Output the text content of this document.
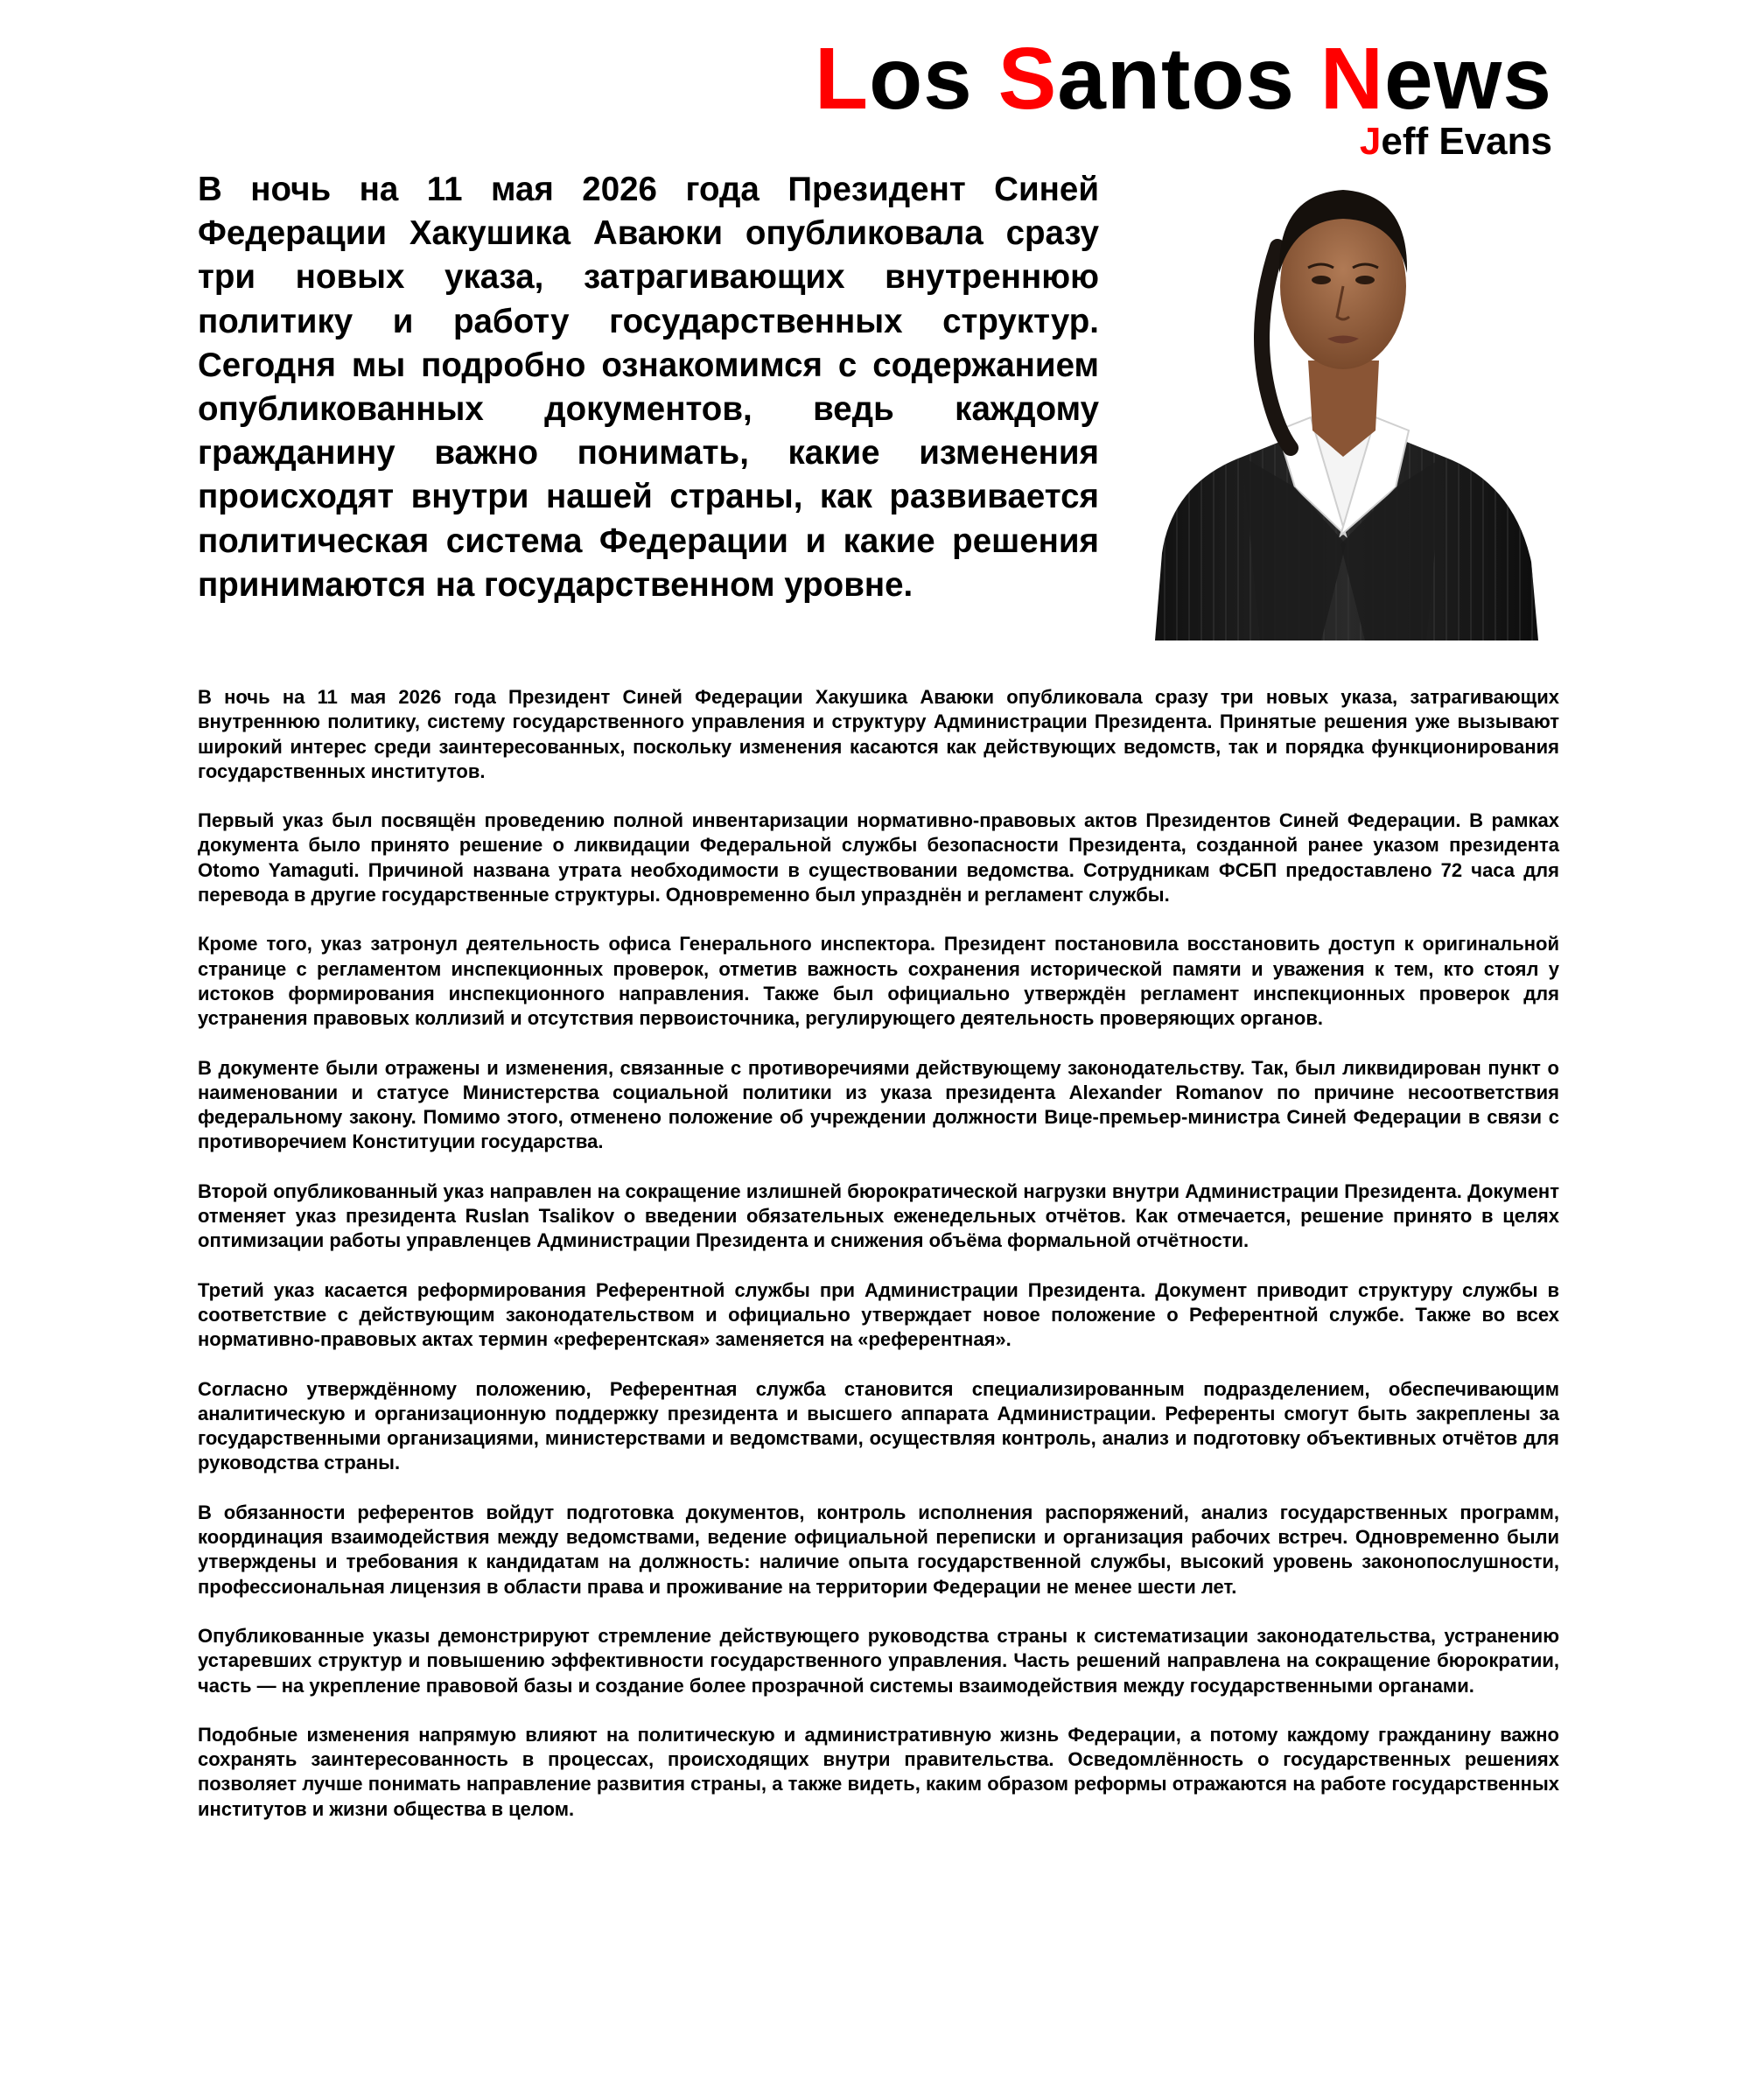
Los Santos News
Jeff Evans

В ночь на 11 мая 2026 года Президент Синей Федерации Хакушика Аваюки опубликовала сразу три новых указа, затрагивающих внутреннюю политику и работу государственных структур. Сегодня мы подробно ознакомимся с содержанием опубликованных документов, ведь каждому гражданину важно понимать, какие изменения происходят внутри нашей страны, как развивается политическая система Федерации и какие решения принимаются на государственном уровне.

В ночь на 11 мая 2026 года Президент Синей Федерации Хакушика Аваюки опубликовала сразу три новых указа, затрагивающих внутреннюю политику, систему государственного управления и структуру Администрации Президента. Принятые решения уже вызывают широкий интерес среди заинтересованных, поскольку изменения касаются как действующих ведомств, так и порядка функционирования государственных институтов.

Первый указ был посвящён проведению полной инвентаризации нормативно-правовых актов Президентов Синей Федерации. В рамках документа было принято решение о ликвидации Федеральной службы безопасности Президента, созданной ранее указом президента Otomo Yamaguti. Причиной названа утрата необходимости в существовании ведомства. Сотрудникам ФСБП предоставлено 72 часа для перевода в другие государственные структуры. Одновременно был упразднён и регламент службы.

Кроме того, указ затронул деятельность офиса Генерального инспектора. Президент постановила восстановить доступ к оригинальной странице с регламентом инспекционных проверок, отметив важность сохранения исторической памяти и уважения к тем, кто стоял у истоков формирования инспекционного направления. Также был официально утверждён регламент инспекционных проверок для устранения правовых коллизий и отсутствия первоисточника, регулирующего деятельность проверяющих органов.

В документе были отражены и изменения, связанные с противоречиями действующему законодательству. Так, был ликвидирован пункт о наименовании и статусе Министерства социальной политики из указа президента Alexander Romanov по причине несоответствия федеральному закону. Помимо этого, отменено положение об учреждении должности Вице-премьер-министра Синей Федерации в связи с противоречием Конституции государства.

Второй опубликованный указ направлен на сокращение излишней бюрократической нагрузки внутри Администрации Президента. Документ отменяет указ президента Ruslan Tsalikov о введении обязательных еженедельных отчётов. Как отмечается, решение принято в целях оптимизации работы управленцев Администрации Президента и снижения объёма формальной отчётности.

Третий указ касается реформирования Референтной службы при Администрации Президента. Документ приводит структуру службы в соответствие с действующим законодательством и официально утверждает новое положение о Референтной службе. Также во всех нормативно-правовых актах термин «референтская» заменяется на «референтная».

Согласно утверждённому положению, Референтная служба становится специализированным подразделением, обеспечивающим аналитическую и организационную поддержку президента и высшего аппарата Администрации. Референты смогут быть закреплены за государственными организациями, министерствами и ведомствами, осуществляя контроль, анализ и подготовку объективных отчётов для руководства страны.

В обязанности референтов войдут подготовка документов, контроль исполнения распоряжений, анализ государственных программ, координация взаимодействия между ведомствами, ведение официальной переписки и организация рабочих встреч. Одновременно были утверждены и требования к кандидатам на должность: наличие опыта государственной службы, высокий уровень законопослушности, профессиональная лицензия в области права и проживание на территории Федерации не менее шести лет.

Опубликованные указы демонстрируют стремление действующего руководства страны к систематизации законодательства, устранению устаревших структур и повышению эффективности государственного управления. Часть решений направлена на сокращение бюрократии, часть — на укрепление правовой базы и создание более прозрачной системы взаимодействия между государственными органами.

Подобные изменения напрямую влияют на политическую и административную жизнь Федерации, а потому каждому гражданину важно сохранять заинтересованность в процессах, происходящих внутри правительства. Осведомлённость о государственных решениях позволяет лучше понимать направление развития страны, а также видеть, каким образом реформы отражаются на работе государственных институтов и жизни общества в целом.
